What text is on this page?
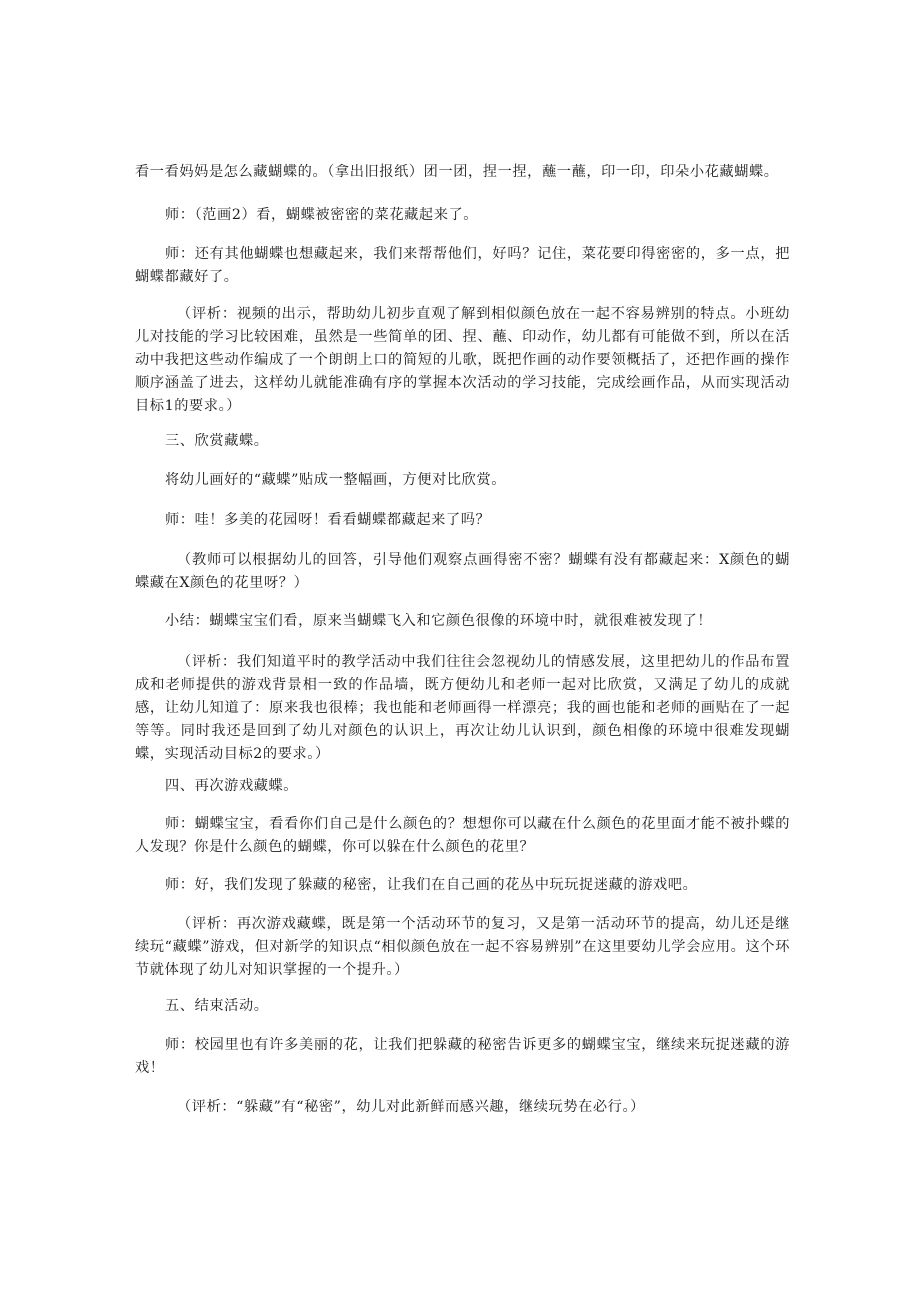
看一看妈妈是怎么藏蝴蝶的。（拿出旧报纸）团一团，捏一捏，蘸一蘸，印一印，印朵小花藏蝴蝶。

师：（范画2）看，蝴蝶被密密的菜花藏起来了。

师：还有其他蝴蝶也想藏起来，我们来帮帮他们，好吗？记住，菜花要印得密密的，多一点，把蝴蝶都藏好了。

（评析：视频的出示，帮助幼儿初步直观了解到相似颜色放在一起不容易辨别的特点。小班幼儿对技能的学习比较困难，虽然是一些简单的团、捏、蘸、印动作，幼儿都有可能做不到，所以在活动中我把这些动作编成了一个朗朗上口的简短的儿歌，既把作画的动作要领概括了，还把作画的操作顺序涵盖了进去，这样幼儿就能准确有序的掌握本次活动的学习技能，完成绘画作品，从而实现活动目标1的要求。）

三、欣赏藏蝶。

将幼儿画好的“藏蝶”贴成一整幅画，方便对比欣赏。

师：哇！多美的花园呀！看看蝴蝶都藏起来了吗？

（教师可以根据幼儿的回答，引导他们观察点画得密不密？蝴蝶有没有都藏起来：X颜色的蝴蝶藏在X颜色的花里呀？）

小结：蝴蝶宝宝们看，原来当蝴蝶飞入和它颜色很像的环境中时，就很难被发现了！

（评析：我们知道平时的教学活动中我们往往会忽视幼儿的情感发展，这里把幼儿的作品布置成和老师提供的游戏背景相一致的作品墙，既方便幼儿和老师一起对比欣赏，又满足了幼儿的成就感，让幼儿知道了：原来我也很棒；我也能和老师画得一样漂亮；我的画也能和老师的画贴在了一起等等。同时我还是回到了幼儿对颜色的认识上，再次让幼儿认识到，颜色相像的环境中很难发现蝴蝶，实现活动目标2的要求。）

四、再次游戏藏蝶。

师：蝴蝶宝宝，看看你们自己是什么颜色的？想想你可以藏在什么颜色的花里面才能不被扑蝶的人发现？你是什么颜色的蝴蝶，你可以躲在什么颜色的花里？

师：好，我们发现了躲藏的秘密，让我们在自己画的花丛中玩玩捉迷藏的游戏吧。

（评析：再次游戏藏蝶，既是第一个活动环节的复习，又是第一活动环节的提高，幼儿还是继续玩“藏蝶”游戏，但对新学的知识点“相似颜色放在一起不容易辨别”在这里要幼儿学会应用。这个环节就体现了幼儿对知识掌握的一个提升。）

五、结束活动。

师：校园里也有许多美丽的花，让我们把躲藏的秘密告诉更多的蝴蝶宝宝，继续来玩捉迷藏的游戏！

（评析：“躲藏”有“秘密”，幼儿对此新鲜而感兴趣，继续玩势在必行。）
